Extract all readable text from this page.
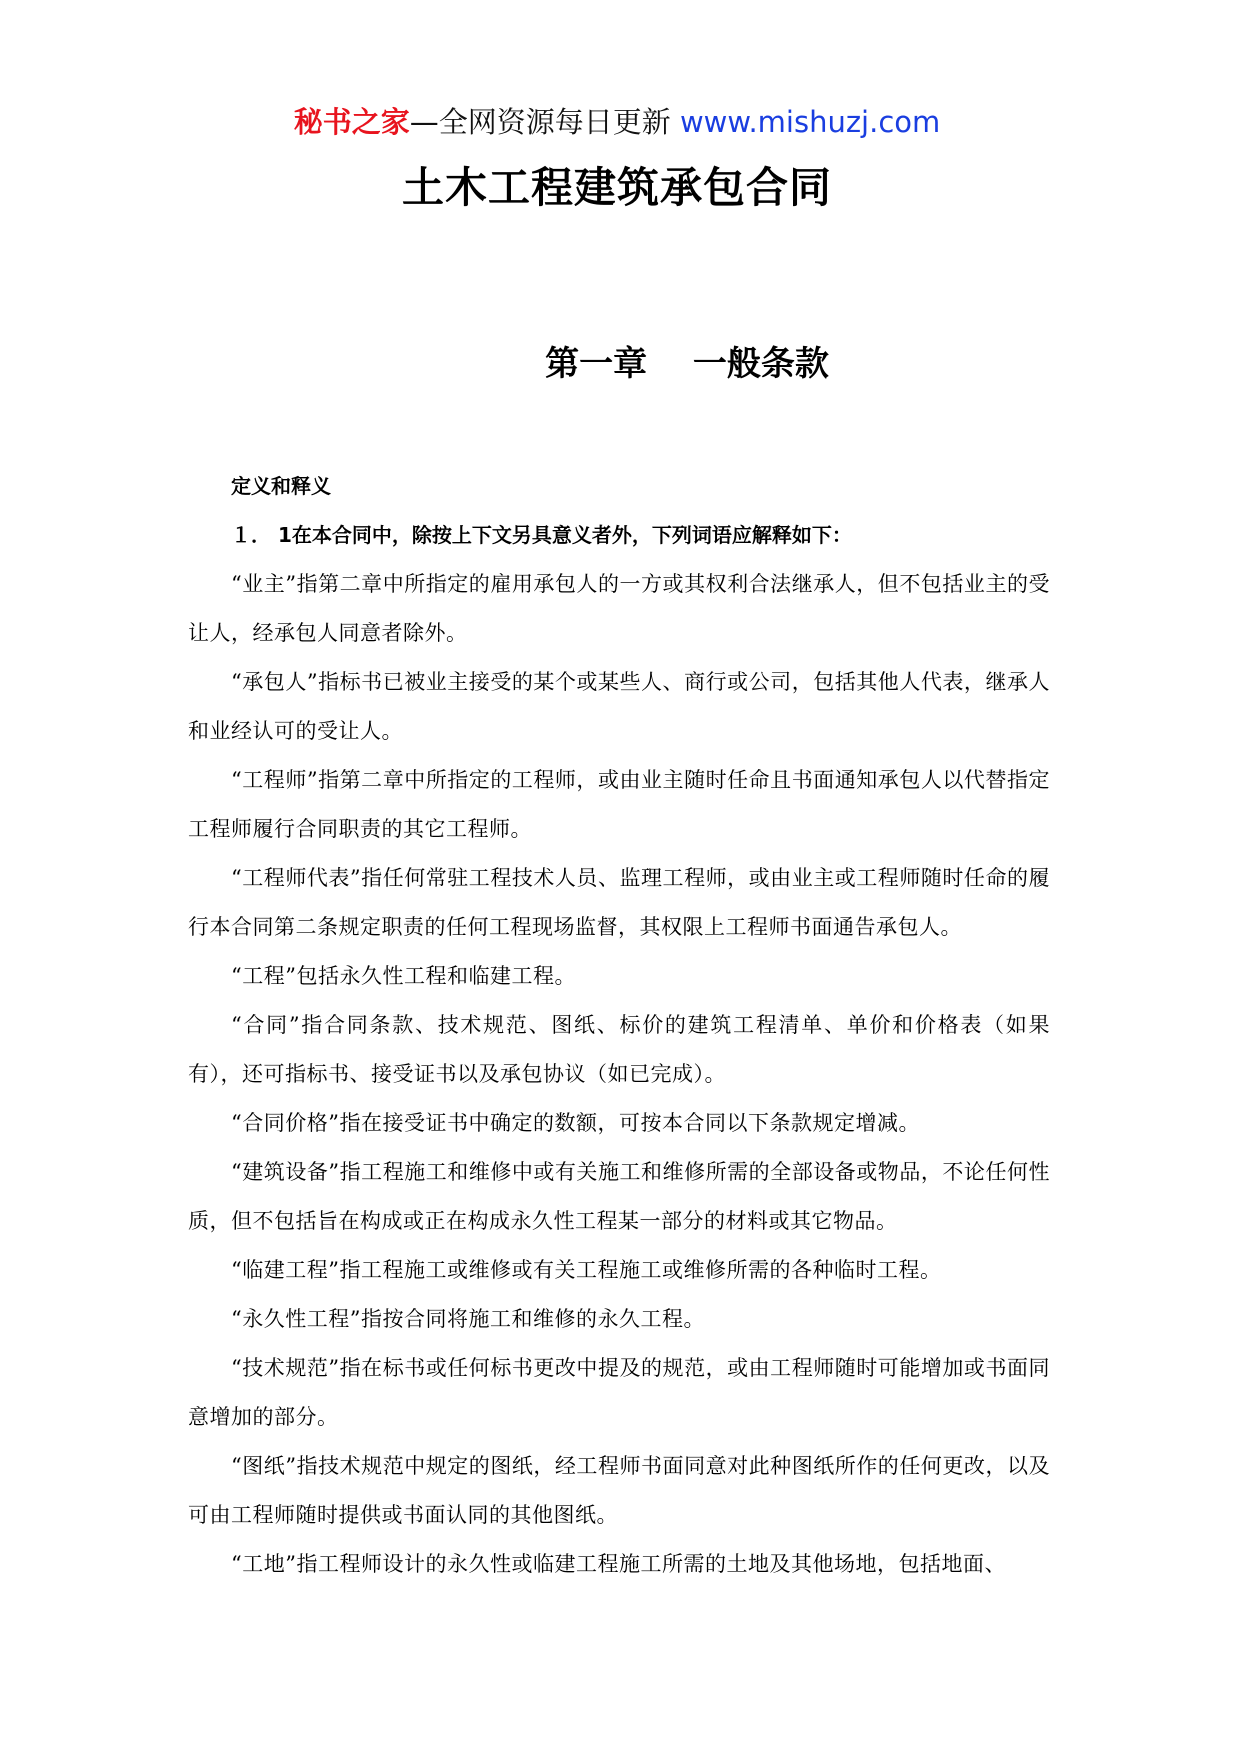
秘书之家—全网资源每日更新 www.mishuzj.com
土木工程建筑承包合同
第一章　 一般条款

定义和释义

１． 1在本合同中，除按上下文另具意义者外，下列词语应解释如下：

“业主”指第二章中所指定的雇用承包人的一方或其权利合法继承人，但不包括业主的受让人，经承包人同意者除外。

“承包人”指标书已被业主接受的某个或某些人、商行或公司，包括其他人代表，继承人和业经认可的受让人。

“工程师”指第二章中所指定的工程师，或由业主随时任命且书面通知承包人以代替指定工程师履行合同职责的其它工程师。

“工程师代表”指任何常驻工程技术人员、监理工程师，或由业主或工程师随时任命的履行本合同第二条规定职责的任何工程现场监督，其权限上工程师书面通告承包人。

“工程”包括永久性工程和临建工程。

“合同”指合同条款、技术规范、图纸、标价的建筑工程清单、单价和价格表（如果有），还可指标书、接受证书以及承包协议（如已完成）。

“合同价格”指在接受证书中确定的数额，可按本合同以下条款规定增减。

“建筑设备”指工程施工和维修中或有关施工和维修所需的全部设备或物品，不论任何性质，但不包括旨在构成或正在构成永久性工程某一部分的材料或其它物品。

“临建工程”指工程施工或维修或有关工程施工或维修所需的各种临时工程。

“永久性工程”指按合同将施工和维修的永久工程。

“技术规范”指在标书或任何标书更改中提及的规范，或由工程师随时可能增加或书面同意增加的部分。

“图纸”指技术规范中规定的图纸，经工程师书面同意对此种图纸所作的任何更改，以及可由工程师随时提供或书面认同的其他图纸。

“工地”指工程师设计的永久性或临建工程施工所需的土地及其他场地，包括地面、
